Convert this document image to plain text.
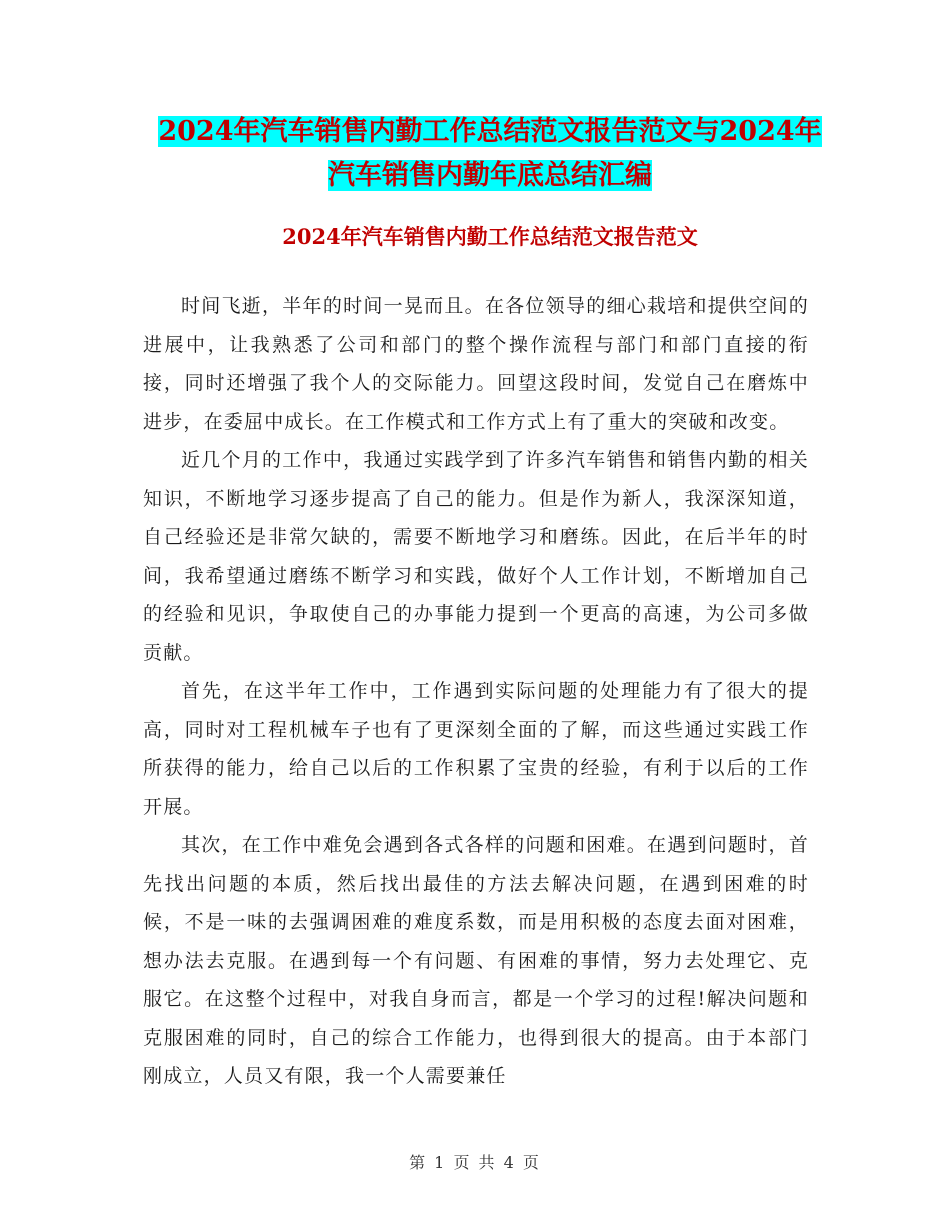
2024年汽车销售内勤工作总结范文报告范文与2024年
汽车销售内勤年底总结汇编
2024年汽车销售内勤工作总结范文报告范文

时间飞逝，半年的时间一晃而且。在各位领导的细心栽培和提供空间的进展中，让我熟悉了公司和部门的整个操作流程与部门和部门直接的衔接，同时还增强了我个人的交际能力。回望这段时间，发觉自己在磨炼中进步，在委屈中成长。在工作模式和工作方式上有了重大的突破和改变。

近几个月的工作中，我通过实践学到了许多汽车销售和销售内勤的相关知识，不断地学习逐步提高了自己的能力。但是作为新人，我深深知道，自己经验还是非常欠缺的，需要不断地学习和磨练。因此，在后半年的时间，我希望通过磨练不断学习和实践，做好个人工作计划，不断增加自己的经验和见识，争取使自己的办事能力提到一个更高的高速，为公司多做贡献。

首先，在这半年工作中，工作遇到实际问题的处理能力有了很大的提高，同时对工程机械车子也有了更深刻全面的了解，而这些通过实践工作所获得的能力，给自己以后的工作积累了宝贵的经验，有利于以后的工作开展。

其次，在工作中难免会遇到各式各样的问题和困难。在遇到问题时，首先找出问题的本质，然后找出最佳的方法去解决问题，在遇到困难的时候，不是一味的去强调困难的难度系数，而是用积极的态度去面对困难，想办法去克服。在遇到每一个有问题、有困难的事情，努力去处理它、克服它。在这整个过程中，对我自身而言，都是一个学习的过程!解决问题和克服困难的同时，自己的综合工作能力，也得到很大的提高。由于本部门刚成立，人员又有限，我一个人需要兼任

第 1 页 共 4 页
